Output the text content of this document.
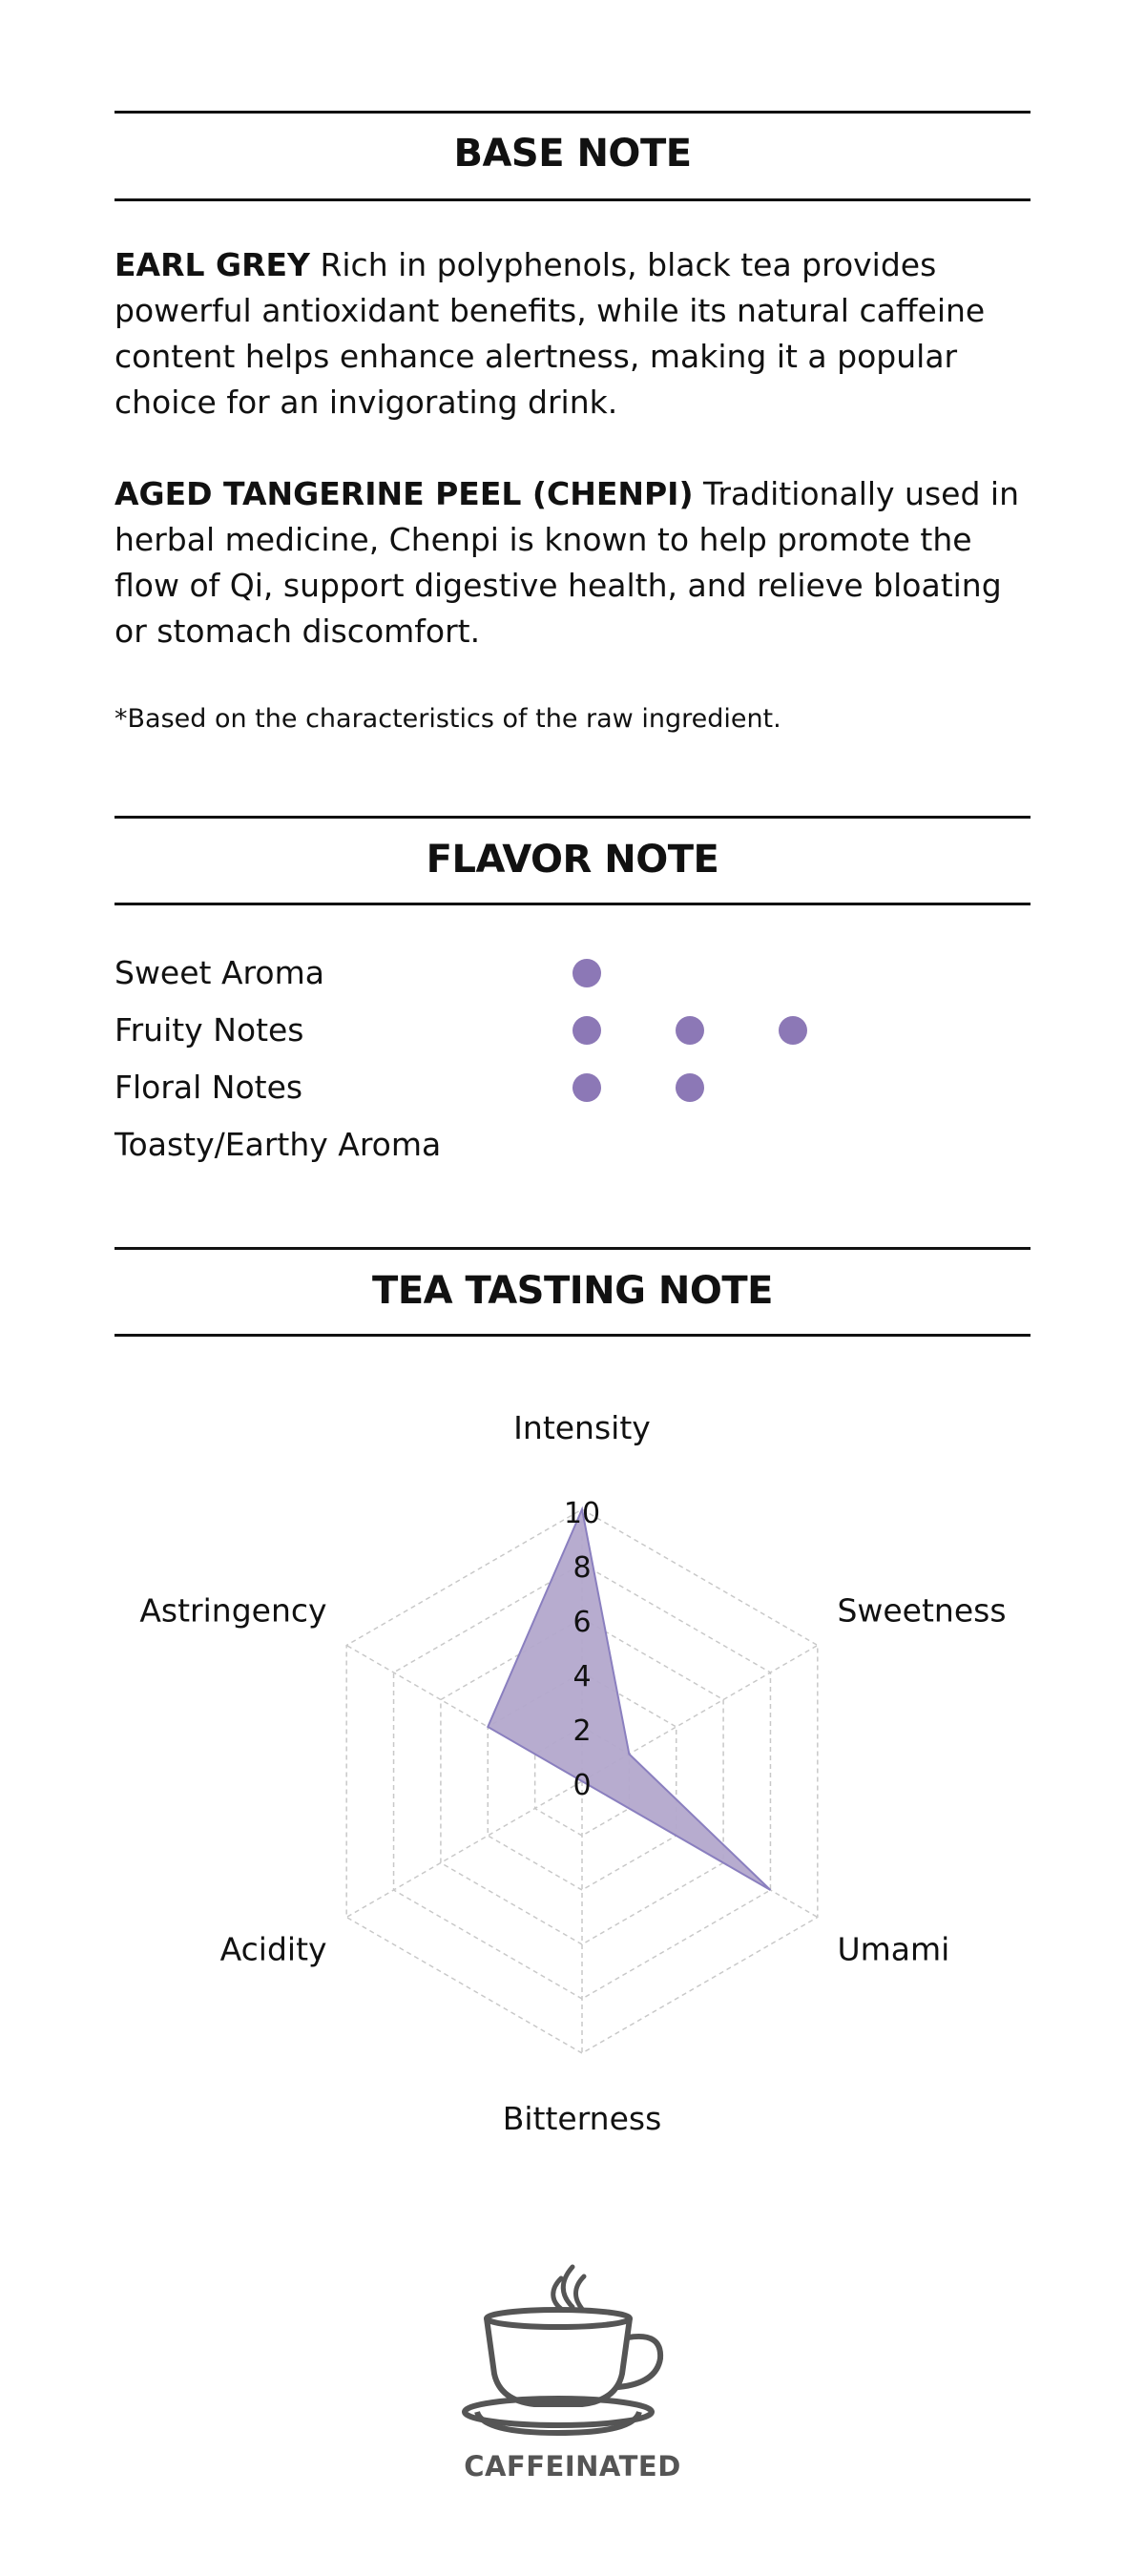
BASE NOTE
EARL GREY Rich in polyphenols, black tea provides powerful antioxidant benefits, while its natural caffeine content helps enhance alertness, making it a popular choice for an invigorating drink.
AGED TANGERINE PEEL (CHENPI) Traditionally used in herbal medicine, Chenpi is known to help promote the flow of Qi, support digestive health, and relieve bloating or stomach discomfort.
*Based on the characteristics of the raw ingredient.
FLAVOR NOTE
Sweet Aroma
Fruity Notes
Floral Notes
Toasty/Earthy Aroma
TEA TASTING NOTE
0
2
4
6
8
10
Intensity
Sweetness
Umami
Bitterness
Acidity
Astringency
CAFFEINATED
